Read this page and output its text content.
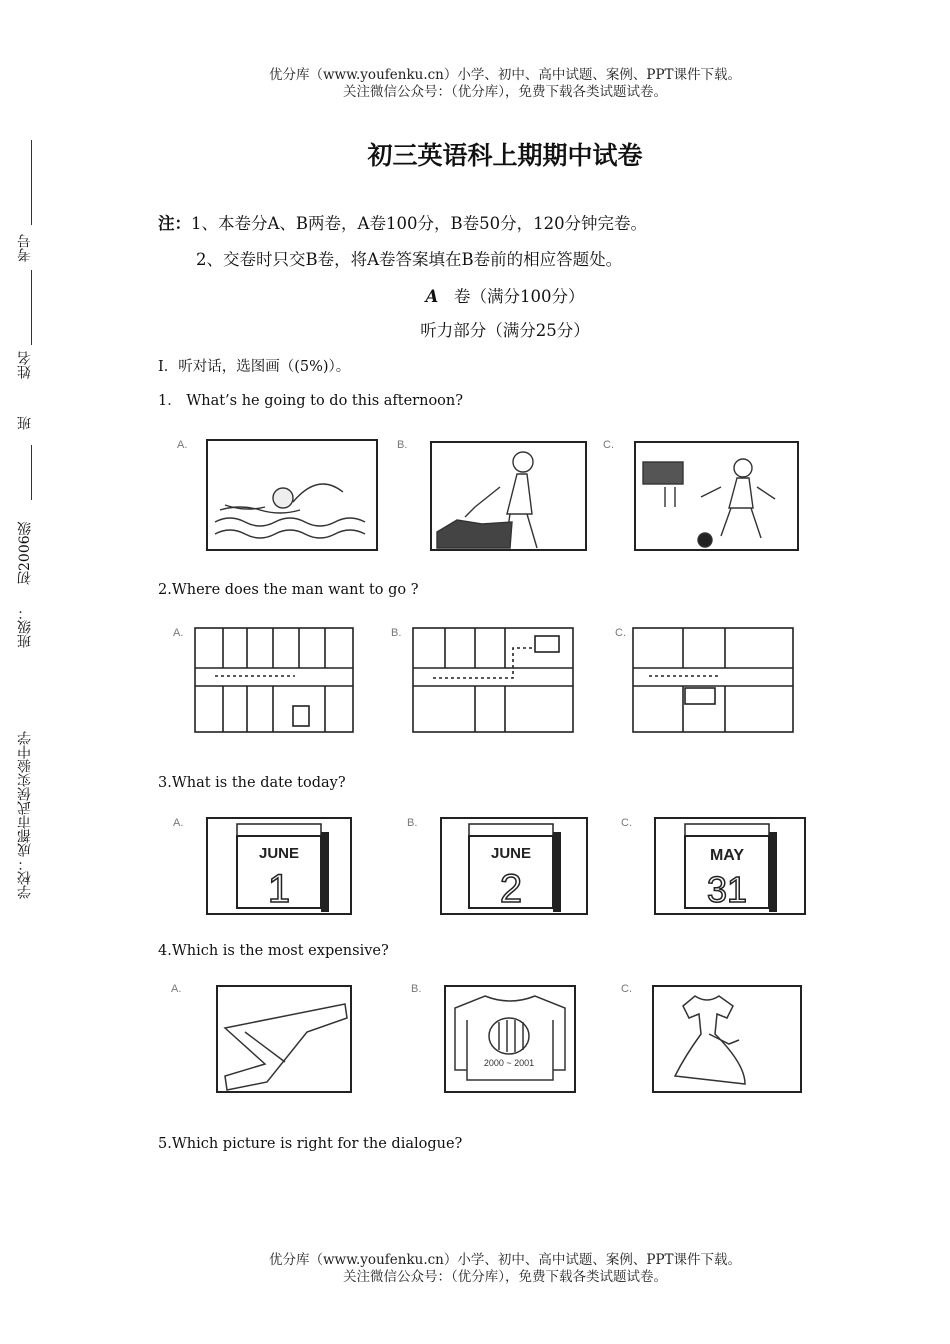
优分库（www.youfenku.cn）小学、初中、高中试题、案例、PPT课件下载。
关注微信公众号：（优分库），免费下载各类试题试卷。
考号
姓名
班
初2006级
班级：
学校：成都市武侯实验中学
初三英语科上期期中试卷
注：1、本卷分A、B两卷，A卷100分，B卷50分，120分钟完卷。
2、交卷时只交B卷，将A卷答案填在B卷前的相应答题处。
A 卷（满分100分）
听力部分（满分25分）
I．听对话，选图画（(5%)）。
1． What’s he going to do this afternoon?
A.	B.	C.
2.Where does the man want to go ?
A.	B.	C.
3.What is the date today?
A.
JUNE
1
B.
JUNE
2
C.
MAY
31
4.Which is the most expensive?
A.	B.
2000 ~ 2001
C.
5.Which picture is right for the dialogue?
优分库（www.youfenku.cn）小学、初中、高中试题、案例、PPT课件下载。
关注微信公众号：（优分库），免费下载各类试题试卷。
